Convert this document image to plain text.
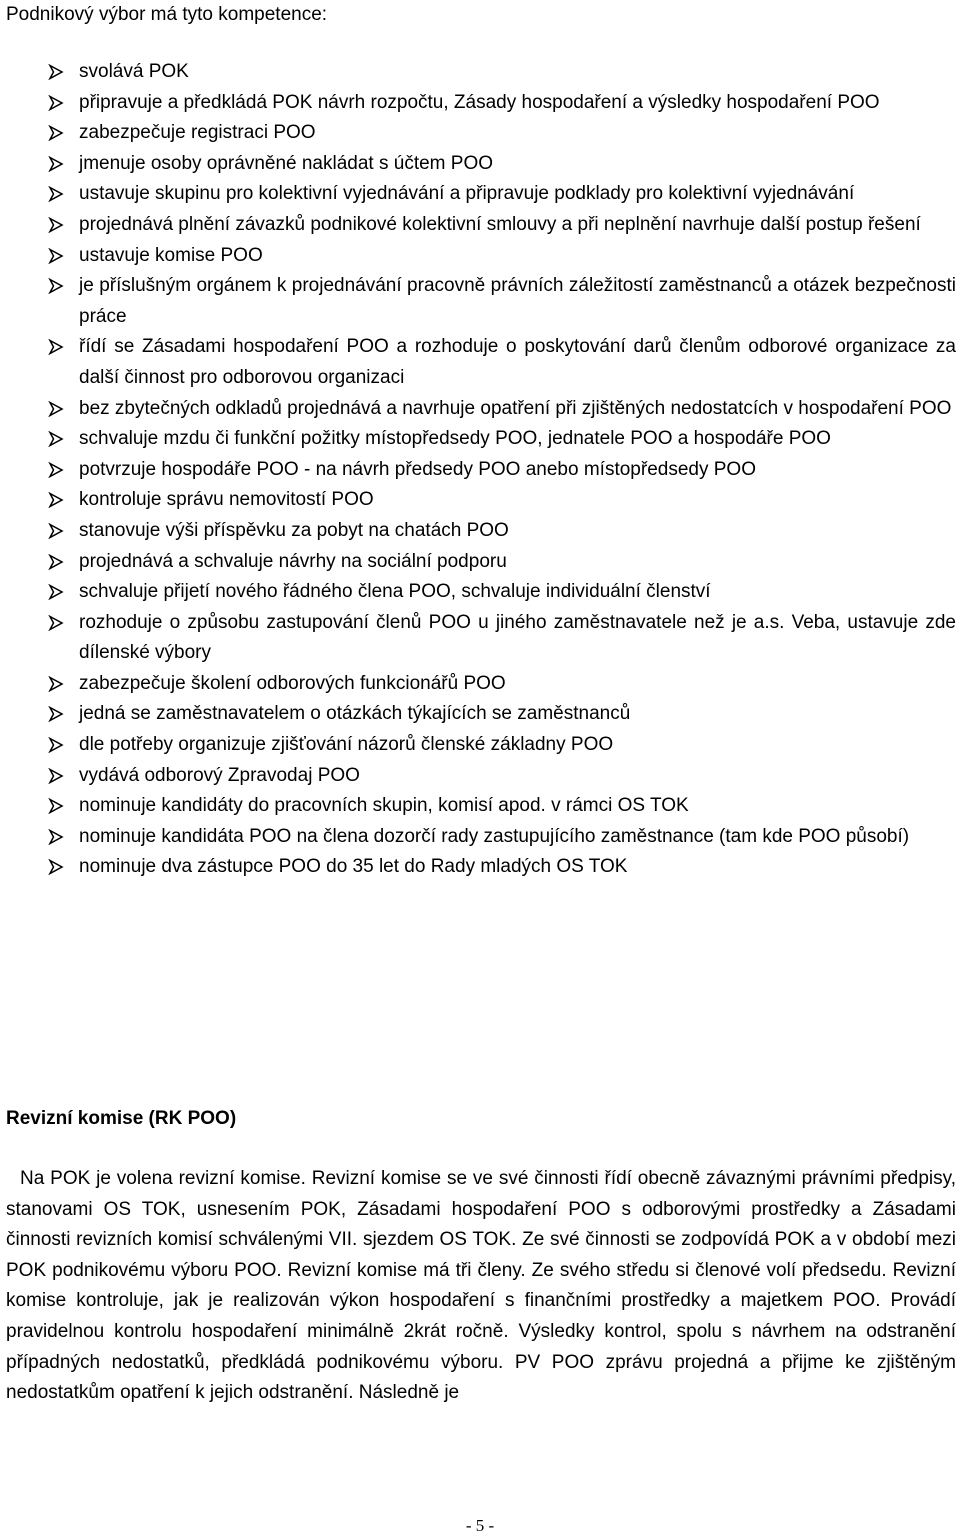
Podnikový výbor má tyto kompetence:

svolává POK
připravuje a předkládá POK návrh rozpočtu, Zásady hospodaření a výsledky hospodaření POO
zabezpečuje registraci POO
jmenuje osoby oprávněné nakládat s účtem POO
ustavuje skupinu pro kolektivní vyjednávání a připravuje podklady pro kolektivní vyjednávání
projednává plnění závazků podnikové kolektivní smlouvy a při neplnění navrhuje další postup řešení
ustavuje komise POO
je příslušným orgánem k projednávání pracovně právních záležitostí zaměstnanců a otázek bezpečnosti práce
řídí se Zásadami hospodaření POO a rozhoduje o poskytování darů členům odborové organizace za další činnost pro odborovou organizaci
bez zbytečných odkladů projednává a navrhuje opatření při zjištěných nedostatcích v hospodaření POO
schvaluje mzdu či funkční požitky místopředsedy POO, jednatele POO a hospodáře POO
potvrzuje hospodáře POO - na návrh předsedy POO anebo místopředsedy POO
kontroluje správu nemovitostí POO
stanovuje výši příspěvku za pobyt na chatách POO
projednává a schvaluje návrhy na sociální podporu
schvaluje přijetí nového řádného člena POO, schvaluje individuální členství
rozhoduje o způsobu zastupování členů POO u jiného zaměstnavatele než je a.s. Veba, ustavuje zde dílenské výbory
zabezpečuje školení odborových funkcionářů POO
jedná se zaměstnavatelem o otázkách týkajících se zaměstnanců
dle potřeby organizuje zjišťování názorů členské základny POO
vydává odborový Zpravodaj POO
nominuje kandidáty do pracovních skupin, komisí apod. v rámci OS TOK
nominuje kandidáta POO na člena dozorčí rady zastupujícího zaměstnance (tam kde POO působí)
nominuje dva zástupce POO do 35 let do Rady mladých OS TOK

Revizní komise (RK POO)

Na POK je volena revizní komise. Revizní komise se ve své činnosti řídí obecně závaznými právními předpisy, stanovami OS TOK, usnesením POK, Zásadami hospodaření POO s odborovými prostředky a Zásadami činnosti revizních komisí schválenými VII. sjezdem OS TOK. Ze své činnosti se zodpovídá POK a v období mezi POK podnikovému výboru POO. Revizní komise má tři členy. Ze svého středu si členové volí předsedu. Revizní komise kontroluje, jak je realizován výkon hospodaření s finančními prostředky a majetkem POO. Provádí pravidelnou kontrolu hospodaření minimálně 2krát ročně. Výsledky kontrol, spolu s návrhem na odstranění případných nedostatků, předkládá podnikovému výboru. PV POO zprávu projedná a přijme ke zjištěným nedostatkům opatření k jejich odstranění. Následně je

- 5 -
